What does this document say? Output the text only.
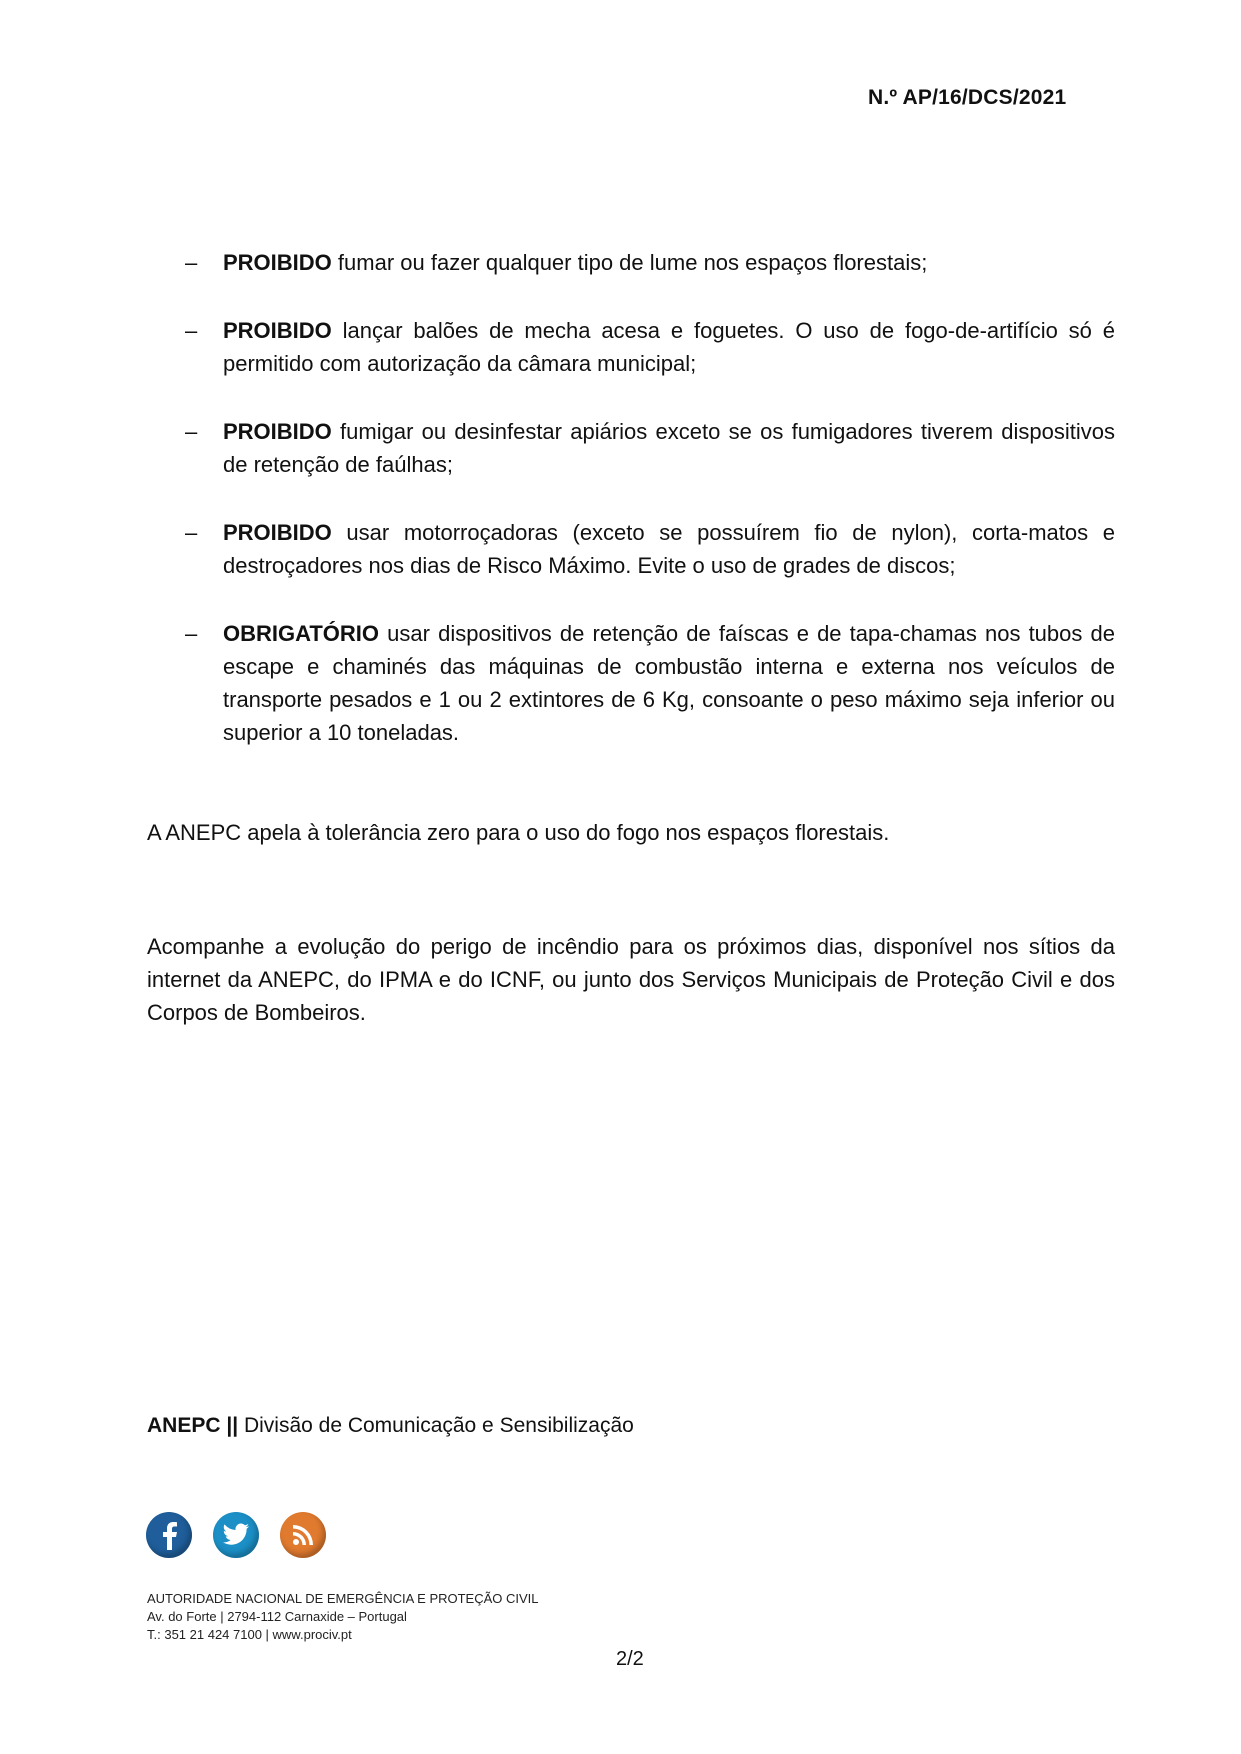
N.º AP/16/DCS/2021
– PROIBIDO fumar ou fazer qualquer tipo de lume nos espaços florestais;
– PROIBIDO lançar balões de mecha acesa e foguetes. O uso de fogo-de-artifício só é permitido com autorização da câmara municipal;
– PROIBIDO fumigar ou desinfestar apiários exceto se os fumigadores tiverem dispositivos de retenção de faúlhas;
– PROIBIDO usar motorroçadoras (exceto se possuírem fio de nylon), corta-matos e destroçadores nos dias de Risco Máximo. Evite o uso de grades de discos;
– OBRIGATÓRIO usar dispositivos de retenção de faíscas e de tapa-chamas nos tubos de escape e chaminés das máquinas de combustão interna e externa nos veículos de transporte pesados e 1 ou 2 extintores de 6 Kg, consoante o peso máximo seja inferior ou superior a 10 toneladas.

A ANEPC apela à tolerância zero para o uso do fogo nos espaços florestais.

Acompanhe a evolução do perigo de incêndio para os próximos dias, disponível nos sítios da internet da ANEPC, do IPMA e do ICNF, ou junto dos Serviços Municipais de Proteção Civil e dos Corpos de Bombeiros.

ANEPC || Divisão de Comunicação e Sensibilização
AUTORIDADE NACIONAL DE EMERGÊNCIA E PROTEÇÃO CIVIL
Av. do Forte | 2794-112 Carnaxide – Portugal
T.: 351 21 424 7100 | www.prociv.pt
2/2
